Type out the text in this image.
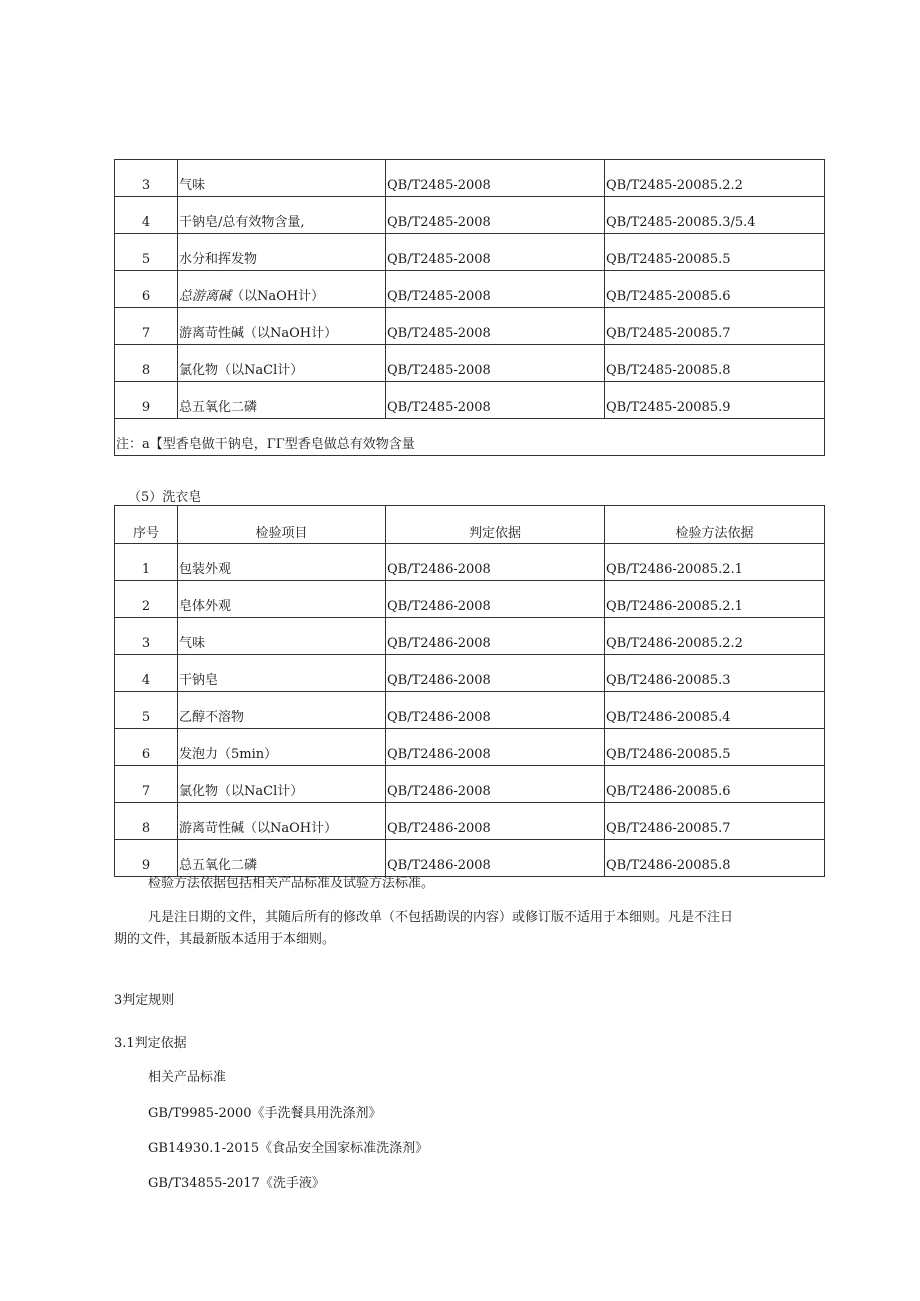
3	气味	QB/T2485-2008	QB/T2485-20085.2.2
4	干钠皂/总有效物含量,	QB/T2485-2008	QB/T2485-20085.3/5.4
5	水分和挥发物	QB/T2485-2008	QB/T2485-20085.5
6	总游离碱（以NaOH计）	QB/T2485-2008	QB/T2485-20085.6
7	游离苛性碱（以NaOH计）	QB/T2485-2008	QB/T2485-20085.7
8	氯化物（以NaCl计）	QB/T2485-2008	QB/T2485-20085.8
9	总五氧化二磷	QB/T2485-2008	QB/T2485-20085.9
注：a【型香皂做干钠皂，ΓΓ型香皂做总有效物含量			

（5）洗衣皂

序号	检验项目	判定依据	检验方法依据
1	包装外观	QB/T2486-2008	QB/T2486-20085.2.1
2	皂体外观	QB/T2486-2008	QB/T2486-20085.2.1
3	气味	QB/T2486-2008	QB/T2486-20085.2.2
4	干钠皂	QB/T2486-2008	QB/T2486-20085.3
5	乙醇不溶物	QB/T2486-2008	QB/T2486-20085.4
6	发泡力（5min）	QB/T2486-2008	QB/T2486-20085.5
7	氯化物（以NaCl计）	QB/T2486-2008	QB/T2486-20085.6
8	游离苛性碱（以NaOH计）	QB/T2486-2008	QB/T2486-20085.7
9	总五氧化二磷	QB/T2486-2008	QB/T2486-20085.8

检验方法依据包括相关产品标准及试验方法标准。

凡是注日期的文件，其随后所有的修改单（不包括勘误的内容）或修订版不适用于本细则。凡是不注日

期的文件，其最新版本适用于本细则。

3判定规则

3.1判定依据

相关产品标准

GB/T9985-2000《手洗餐具用洗涤剂》

GB14930.1-2015《食品安全国家标准洗涤剂》

GB/T34855-2017《洗手液》
